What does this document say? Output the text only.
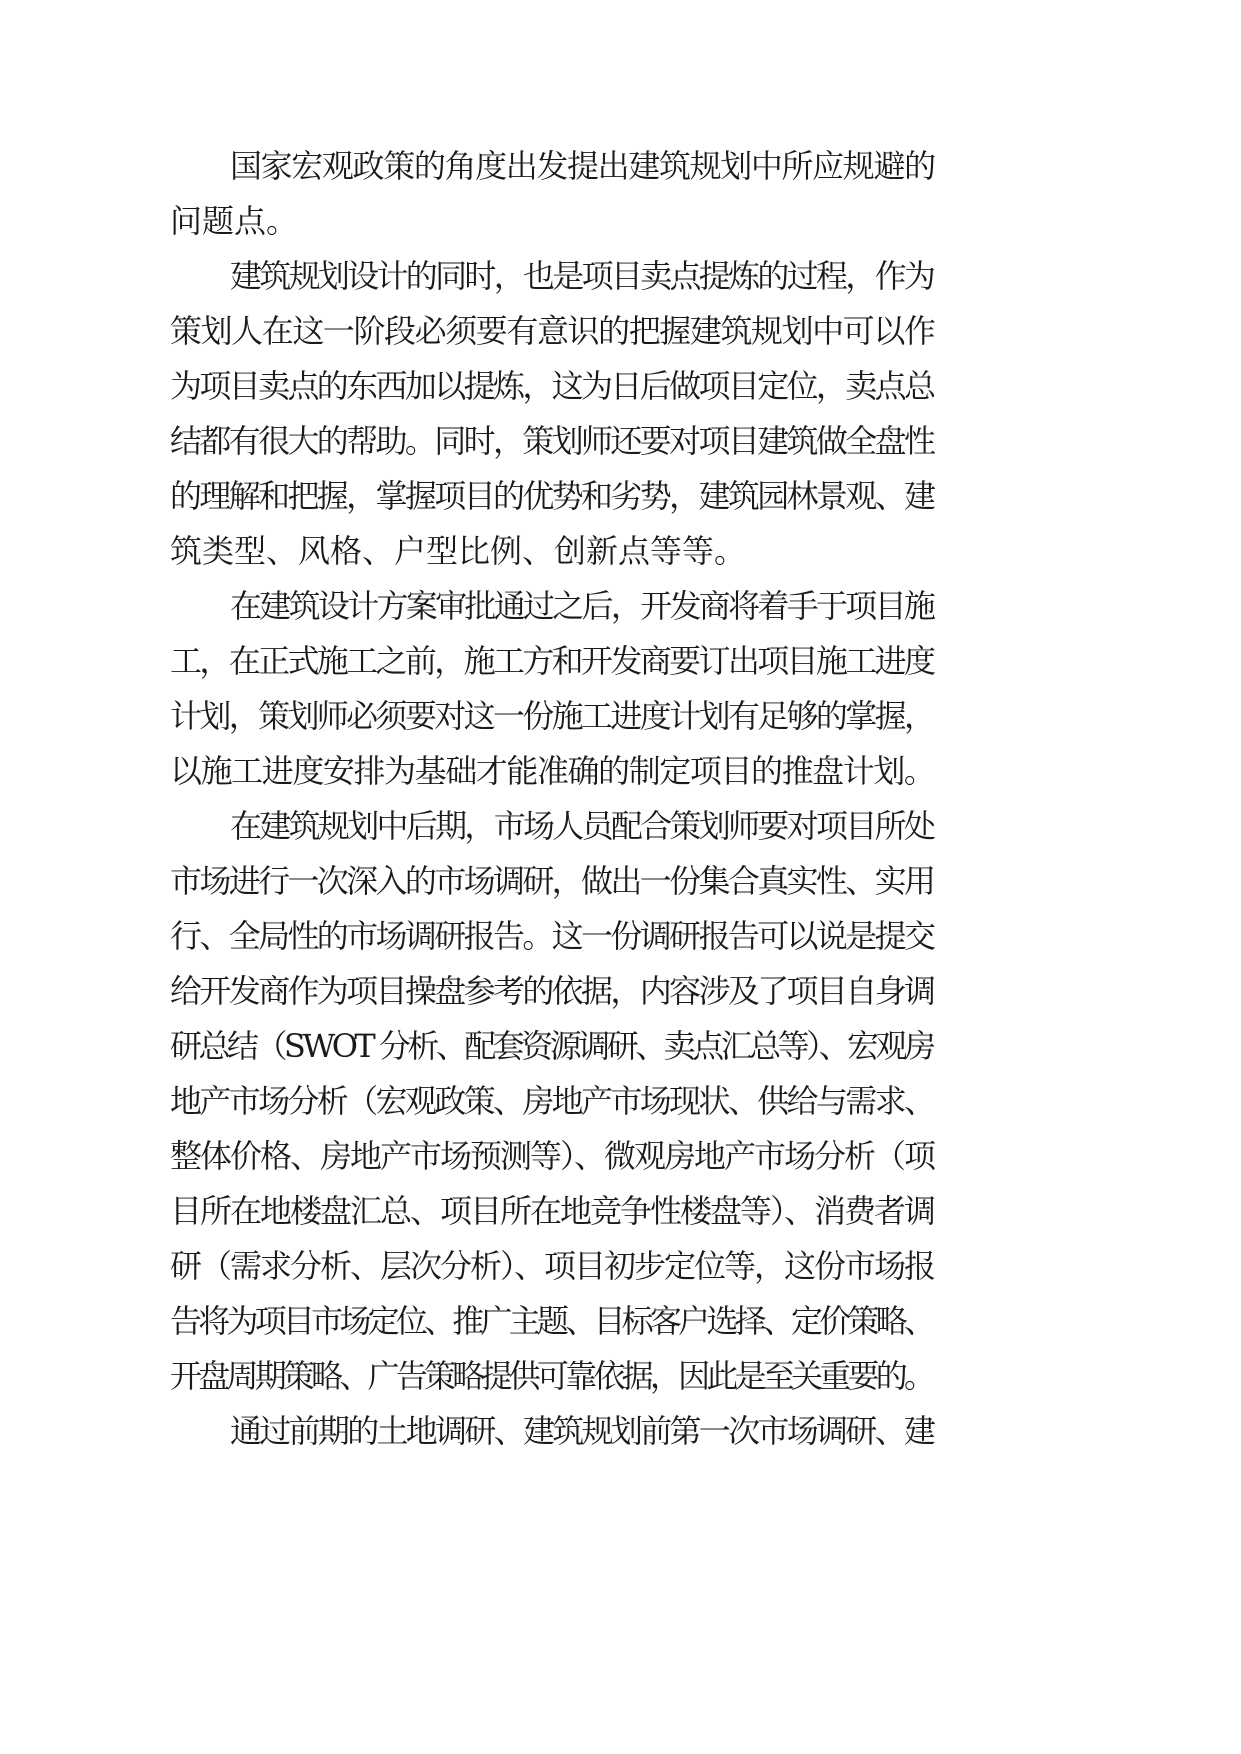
国家宏观政策的角度出发提出建筑规划中所应规避的
问题点。
建筑规划设计的同时，也是项目卖点提炼的过程，作为
策划人在这一阶段必须要有意识的把握建筑规划中可以作
为项目卖点的东西加以提炼，这为日后做项目定位，卖点总
结都有很大的帮助。同时，策划师还要对项目建筑做全盘性
的理解和把握，掌握项目的优势和劣势，建筑园林景观、建
筑类型、风格、户型比例、创新点等等。
在建筑设计方案审批通过之后，开发商将着手于项目施
工，在正式施工之前，施工方和开发商要订出项目施工进度
计划，策划师必须要对这一份施工进度计划有足够的掌握，
以施工进度安排为基础才能准确的制定项目的推盘计划。
在建筑规划中后期，市场人员配合策划师要对项目所处
市场进行一次深入的市场调研，做出一份集合真实性、实用
行、全局性的市场调研报告。这一份调研报告可以说是提交
给开发商作为项目操盘参考的依据，内容涉及了项目自身调
研总结（SWOT 分析、配套资源调研、卖点汇总等）、宏观房
地产市场分析（宏观政策、房地产市场现状、供给与需求、
整体价格、房地产市场预测等）、微观房地产市场分析（项
目所在地楼盘汇总、项目所在地竞争性楼盘等）、消费者调
研（需求分析、层次分析）、项目初步定位等，这份市场报
告将为项目市场定位、推广主题、目标客户选择、定价策略、
开盘周期策略、广告策略提供可靠依据，因此是至关重要的。
通过前期的土地调研、建筑规划前第一次市场调研、建
